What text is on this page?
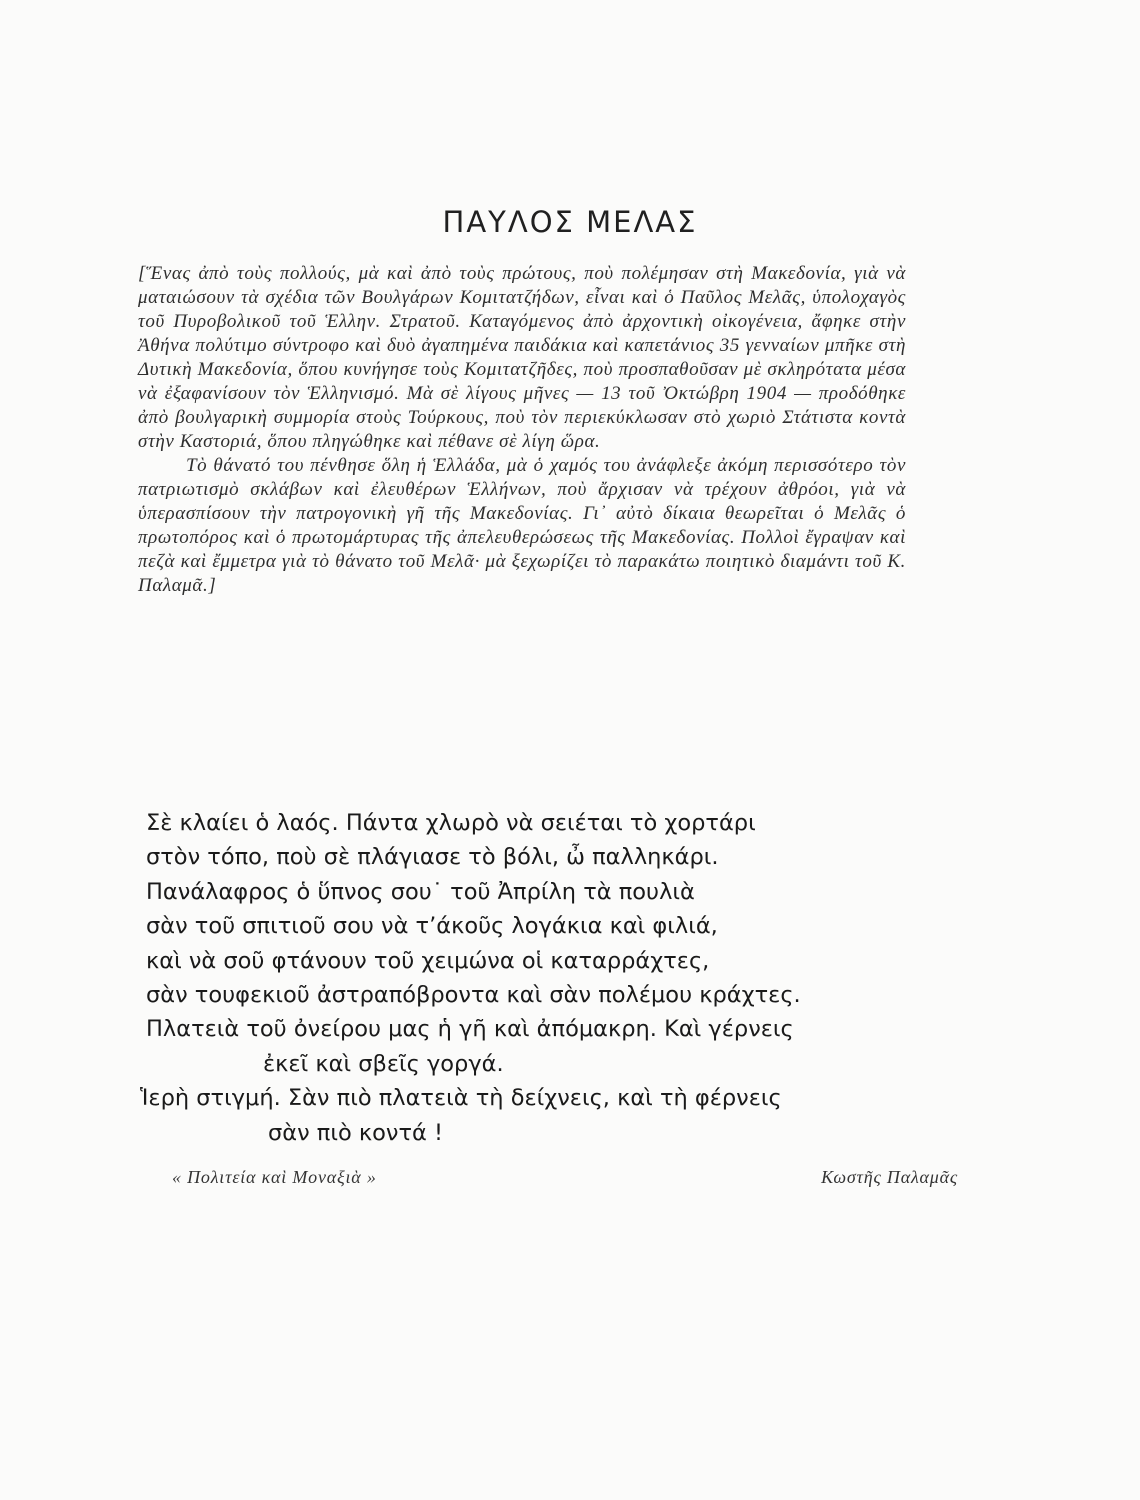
ΠΑΥΛΟΣ ΜΕΛΑΣ

[Ἕνας ἀπὸ τοὺς πολλούς, μὰ καὶ ἀπὸ τοὺς πρώτους, ποὺ πολέμησαν στὴ Μακεδονία, γιὰ νὰ ματαιώσουν τὰ σχέδια τῶν Βουλγάρων Κομιτατζήδων, εἶναι καὶ ὁ Παῦλος Μελᾶς, ὑπολοχαγὸς τοῦ Πυροβολικοῦ τοῦ Ἑλλην. Στρατοῦ. Καταγόμενος ἀπὸ ἀρχοντικὴ οἰκογένεια, ἄφηκε στὴν Ἀθήνα πολύτιμο σύντροφο καὶ δυὸ ἀγαπημένα παιδάκια καὶ καπετάνιος 35 γενναίων μπῆκε στὴ Δυτικὴ Μακεδονία, ὅπου κυνήγησε τοὺς Κομιτατζῆδες, ποὺ προσπαθοῦσαν μὲ σκληρότατα μέσα νὰ ἐξαφανίσουν τὸν Ἑλληνισμό. Μὰ σὲ λίγους μῆνες — 13 τοῦ Ὀκτώβρη 1904 — προδόθηκε ἀπὸ βουλγαρικὴ συμμορία στοὺς Τούρκους, ποὺ τὸν περιεκύκλωσαν στὸ χωριὸ Στάτιστα κοντὰ στὴν Καστοριά, ὅπου πληγώθηκε καὶ πέθανε σὲ λίγη ὥρα.

Τὸ θάνατό του πένθησε ὅλη ἡ Ἑλλάδα, μὰ ὁ χαμός του ἀνάφλεξε ἀκόμη περισσότερο τὸν πατριωτισμὸ σκλάβων καὶ ἐλευθέρων Ἑλλήνων, ποὺ ἄρχισαν νὰ τρέχουν ἀθρόοι, γιὰ νὰ ὑπερασπίσουν τὴν πατρογονικὴ γῆ τῆς Μακεδονίας. Γι᾽ αὐτὸ δίκαια θεωρεῖται ὁ Μελᾶς ὁ πρωτοπόρος καὶ ὁ πρωτομάρτυρας τῆς ἀπελευθερώσεως τῆς Μακεδονίας. Πολλοὶ ἔγραψαν καὶ πεζὰ καὶ ἔμμετρα γιὰ τὸ θάνατο τοῦ Μελᾶ· μὰ ξεχωρίζει τὸ παρακάτω ποιητικὸ διαμάντι τοῦ Κ. Παλαμᾶ.]

Σὲ κλαίει ὁ λαός. Πάντα χλωρὸ νὰ σειέται τὸ χορτάρι
στὸν τόπο, ποὺ σὲ πλάγιασε τὸ βόλι, ὦ παλληκάρι.
Πανάλαφρος ὁ ὕπνος σου˙ τοῦ Ἀπρίλη τὰ πουλιὰ
σὰν τοῦ σπιτιοῦ σου νὰ τ’άκοῦς λογάκια καὶ φιλιά,
καὶ νὰ σοῦ φτάνουν τοῦ χειμώνα οἱ καταρράχτες,
σὰν τουφεκιοῦ ἀστραπόβροντα καὶ σὰν πολέμου κράχτες.
Πλατειὰ τοῦ ὀνείρου μας ἡ γῆ καὶ ἀπόμακρη. Καὶ γέρνεις
ἐκεῖ καὶ σβεῖς γοργά.
Ἱερὴ στιγμή. Σὰν πιὸ πλατειὰ τὴ δείχνεις, καὶ τὴ φέρνεις
σὰν πιὸ κοντά !
« Πολιτεία καὶ Μοναξιὰ »	Κωστῆς Παλαμᾶς
